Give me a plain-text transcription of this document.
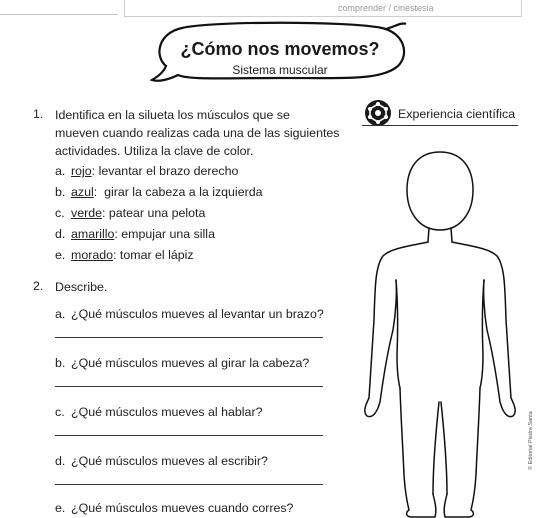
comprender / cinestesia
¿Cómo nos movemos?
Sistema muscular
Experiencia científica
1. Identifica en la silueta los músculos que se
mueven cuando realizas cada una de las siguientes
actividades. Utiliza la clave de color.
a. rojo: levantar el brazo derecho
b. azul:  girar la cabeza a la izquierda
c. verde: patear una pelota
d. amarillo: empujar una silla
e. morado: tomar el lápiz
2. Describe.
a. ¿Qué músculos mueves al levantar un brazo?
b. ¿Qué músculos mueves al girar la cabeza?
c. ¿Qué músculos mueves al hablar?
d. ¿Qué músculos mueves al escribir?
e. ¿Qué músculos mueves cuando corres?
© Editorial Piedra Santa
